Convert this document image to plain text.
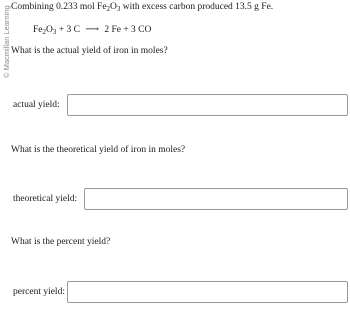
© Macmillan Learning Combining 0.233 mol $Fe_2O_3$ with excess carbon produced 13.5 g Fe.
$Fe_2O_3 + 3$ C ⟶ 2 Fe + 3 CO
What is the actual yield of iron in moles?
actual yield:
What is the theoretical yield of iron in moles?
theoretical yield:
What is the percent yield?
percent yield:
